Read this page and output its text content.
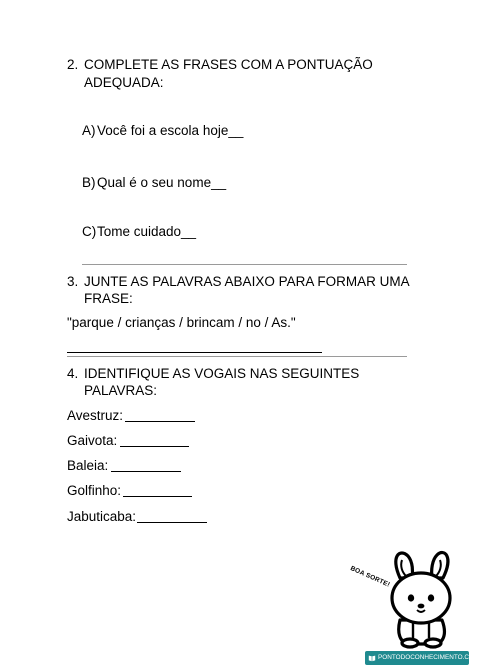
2. COMPLETE AS FRASES COM A PONTUAÇÃO
ADEQUADA:
A) Você foi a escola hoje__
B) Qual é o seu nome__
C) Tome cuidado__
3. JUNTE AS PALAVRAS ABAIXO PARA FORMAR UMA
FRASE:
"parque / crianças / brincam / no / As."
4. IDENTIFIQUE AS VOGAIS NAS SEGUINTES
PALAVRAS:
Avestruz:
Gaivota:
Baleia:
Golfinho:
Jabuticaba:
BOA SORTE!
PONTODOCONHECIMENTO.COM
